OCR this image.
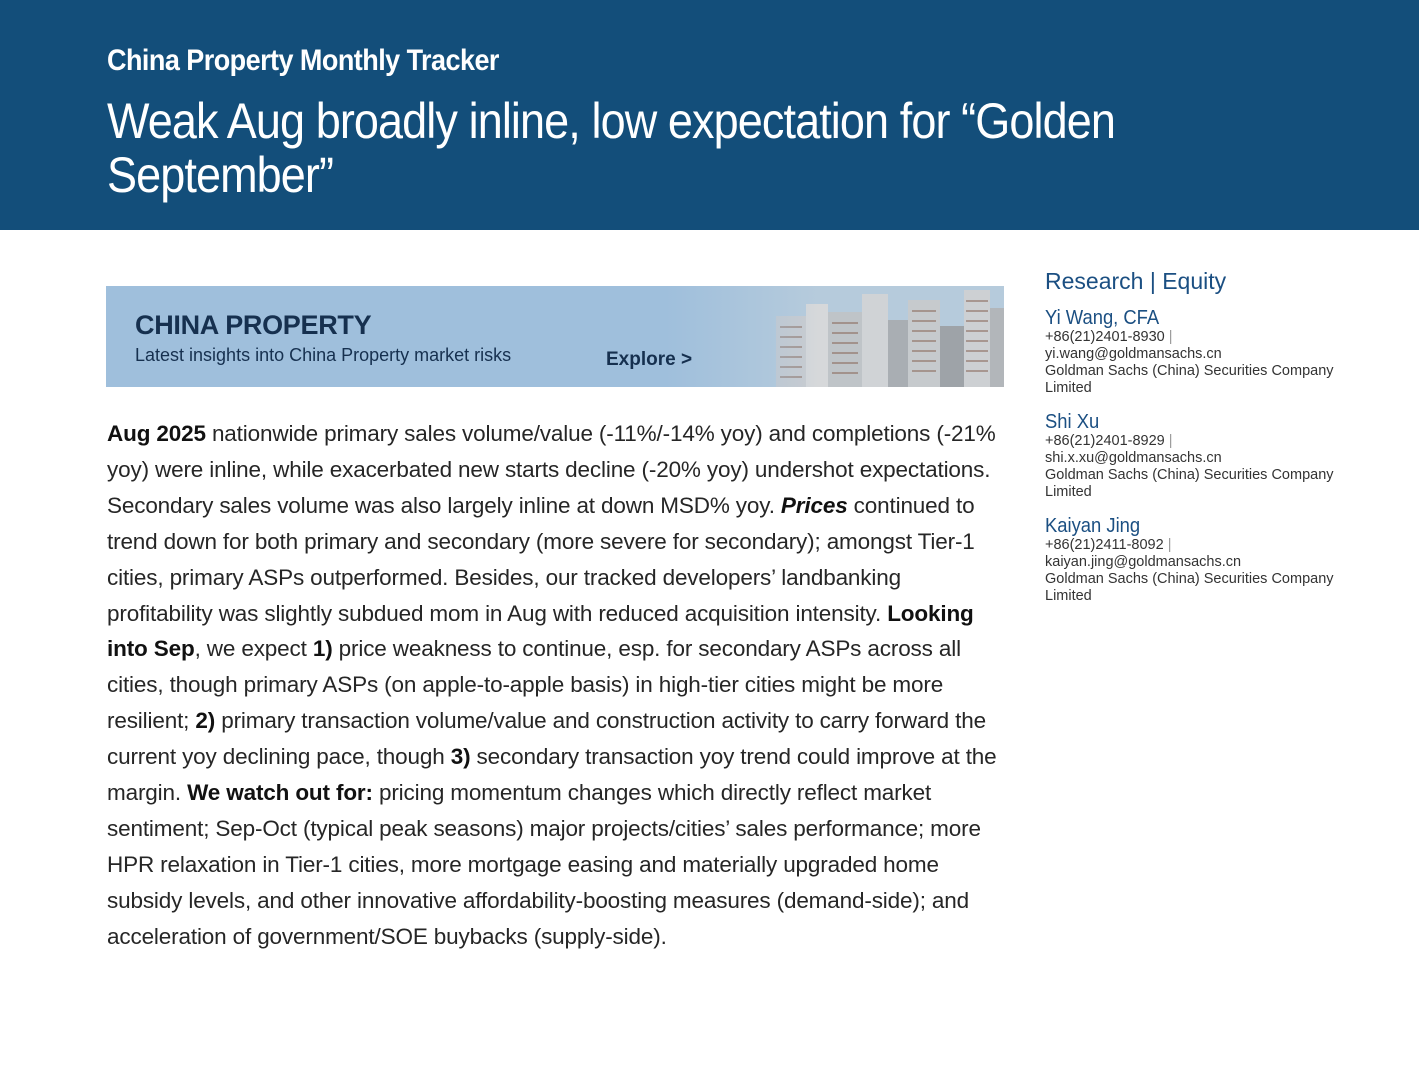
China Property Monthly Tracker
Weak Aug broadly inline, low expectation for “Golden September”
CHINA PROPERTY
Latest insights into China Property market risks	Explore >
Aug 2025 nationwide primary sales volume/value (-11%/-14% yoy) and completions (-21% yoy) were inline, while exacerbated new starts decline (-20% yoy) undershot expectations. Secondary sales volume was also largely inline at down MSD% yoy. Prices continued to trend down for both primary and secondary (more severe for secondary); amongst Tier-1 cities, primary ASPs outperformed. Besides, our tracked developers’ landbanking profitability was slightly subdued mom in Aug with reduced acquisition intensity. Looking into Sep, we expect 1) price weakness to continue, esp. for secondary ASPs across all cities, though primary ASPs (on apple-to-apple basis) in high-tier cities might be more resilient; 2) primary transaction volume/value and construction activity to carry forward the current yoy declining pace, though 3) secondary transaction yoy trend could improve at the margin. We watch out for: pricing momentum changes which directly reflect market sentiment; Sep-Oct (typical peak seasons) major projects/cities’ sales performance; more HPR relaxation in Tier-1 cities, more mortgage easing and materially upgraded home subsidy levels, and other innovative affordability-boosting measures (demand-side); and acceleration of government/SOE buybacks (supply-side).
Research | Equity
Yi Wang, CFA
+86(21)2401-8930 |
yi.wang@goldmansachs.cn
Goldman Sachs (China) Securities Company Limited
Shi Xu
+86(21)2401-8929 |
shi.x.xu@goldmansachs.cn
Goldman Sachs (China) Securities Company Limited
Kaiyan Jing
+86(21)2411-8092 |
kaiyan.jing@goldmansachs.cn
Goldman Sachs (China) Securities Company Limited
